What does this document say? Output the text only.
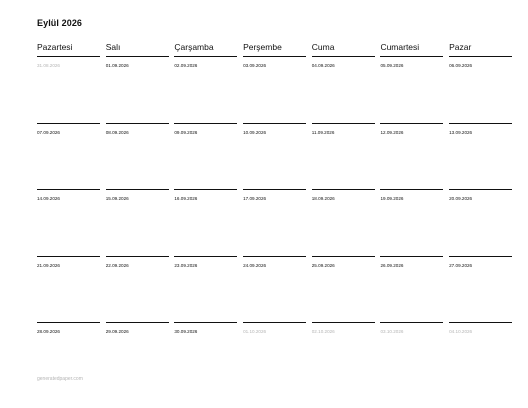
Eylül 2026
Pazartesi	Salı	Çarşamba	Perşembe	Cuma	Cumartesi	Pazar
31.08.2026	01.09.2026	02.09.2026	03.09.2026	04.09.2026	05.09.2026	06.09.2026
07.09.2026	08.09.2026	09.09.2026	10.09.2026	11.09.2026	12.09.2026	13.09.2026
14.09.2026	15.09.2026	16.09.2026	17.09.2026	18.09.2026	19.09.2026	20.09.2026
21.09.2026	22.09.2026	23.09.2026	24.09.2026	25.09.2026	26.09.2026	27.09.2026
28.09.2026	29.09.2026	30.09.2026	01.10.2026	02.10.2026	03.10.2026	04.10.2026
generatedpaper.com
